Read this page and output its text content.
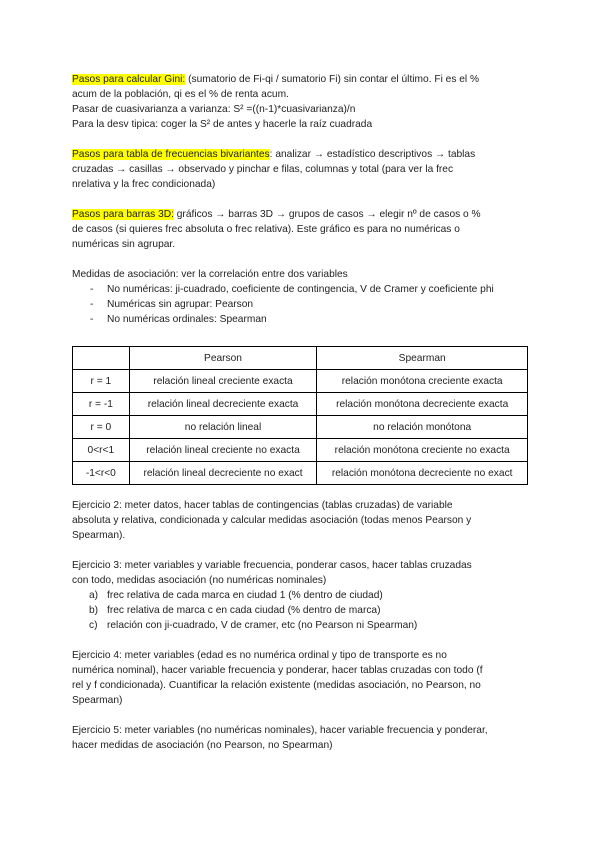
Pasos para calcular Gini: (sumatorio de Fi-qi / sumatorio Fi) sin contar el último. Fi es el %
acum de la población, qi es el % de renta acum.

Pasar de cuasivarianza a varianza: S² =((n-1)*cuasivarianza)/n

Para la desv tipica: coger la S² de antes y hacerle la raíz cuadrada

Pasos para tabla de frecuencias bivariantes: analizar → estadístico descriptivos → tablas
cruzadas → casillas → observado y pinchar e filas, columnas y total (para ver la frec
nrelativa y la frec condicionada)

Pasos para barras 3D: gráficos → barras 3D → grupos de casos → elegir nº de casos o %
de casos (si quieres frec absoluta o frec relativa). Este gráfico es para no numéricas o
numéricas sin agrupar.

Medidas de asociación: ver la correlación entre dos variables

- No numéricas: ji-cuadrado, coeficiente de contingencia, V de Cramer y coeficiente phi
- Numéricas sin agrupar: Pearson
- No numéricas ordinales: Spearman
	Pearson	Spearman
r = 1	relación lineal creciente exacta	relación monótona creciente exacta
r = -1	relación lineal decreciente exacta	relación monótona decreciente exacta
r = 0	no relación lineal	no relación monótona
0<r<1	relación lineal creciente no exacta	relación monótona creciente no exacta
-1<r<0	relación lineal decreciente no exact	relación monótona decreciente no exact

Ejercicio 2: meter datos, hacer tablas de contingencias (tablas cruzadas) de variable
absoluta y relativa, condicionada y calcular medidas asociación (todas menos Pearson y
Spearman).

Ejercicio 3: meter variables y variable frecuencia, ponderar casos, hacer tablas cruzadas
con todo, medidas asociación (no numéricas nominales)

a) frec relativa de cada marca en ciudad 1 (% dentro de ciudad)
b) frec relativa de marca c en cada ciudad (% dentro de marca)
c) relación con ji-cuadrado, V de cramer, etc (no Pearson ni Spearman)

Ejercicio 4: meter variables (edad es no numérica ordinal y tipo de transporte es no
numérica nominal), hacer variable frecuencia y ponderar, hacer tablas cruzadas con todo (f
rel y f condicionada). Cuantificar la relación existente (medidas asociación, no Pearson, no
Spearman)

Ejercicio 5: meter variables (no numéricas nominales), hacer variable frecuencia y ponderar,
hacer medidas de asociación (no Pearson, no Spearman)
